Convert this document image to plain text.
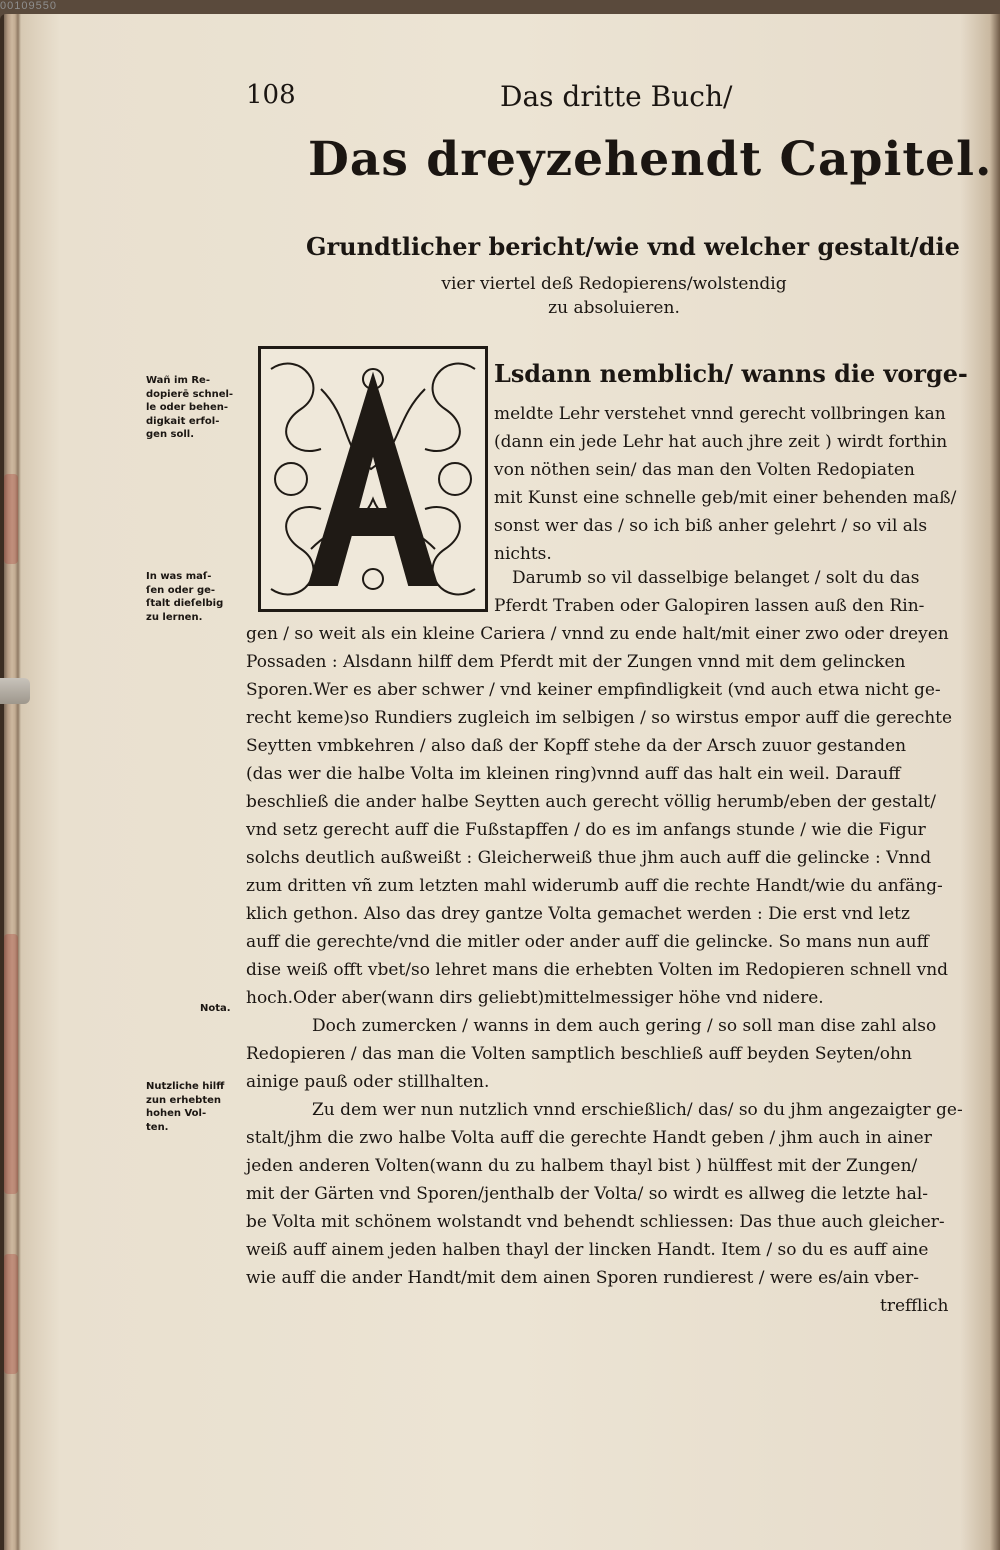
00109550
108	Das dritte Buch/
Das dreyzehendt Capitel.
Grundtlicher bericht/wie vnd welcher gestalt/die
vier viertel deß Redopierens/wolstendig
zu absoluieren.
Wañ im Re-
dopierē schnel-
le oder behen-
digkait erfol-
gen soll.
In was maſ-
ſen oder ge-
ſtalt dieſelbig
zu lernen.
Nota.
Nutzliche hilff
zun erhebten
hohen Vol-
ten.
A
Lsdann nemblich/ wanns die vorge-
meldte Lehr verstehet vnnd gerecht vollbringen kan
(dann ein jede Lehr hat auch jhre zeit ) wirdt forthin
von nöthen sein/ das man den Volten Redopiaten
mit Kunst eine schnelle geb/mit einer behenden maß/
sonst wer das / so ich biß anher gelehrt / so vil als
nichts.
Darumb so vil dasselbige belanget / solt du das
Pferdt Traben oder Galopiren lassen auß den Rin-
gen / so weit als ein kleine Cariera / vnnd zu ende halt/mit einer zwo oder dreyen
Possaden : Alsdann hilff dem Pferdt mit der Zungen vnnd mit dem gelincken
Sporen.Wer es aber schwer / vnd keiner empfindligkeit (vnd auch etwa nicht ge-
recht keme)so Rundiers zugleich im selbigen / so wirstus empor auff die gerechte
Seytten vmbkehren / also daß der Kopff stehe da der Arsch zuuor gestanden
(das wer die halbe Volta im kleinen ring)vnnd auff das halt ein weil. Darauff
beschließ die ander halbe Seytten auch gerecht völlig herumb/eben der gestalt/
vnd setz gerecht auff die Fußstapffen / do es im anfangs stunde / wie die Figur
solchs deutlich außweißt : Gleicherweiß thue jhm auch auff die gelincke : Vnnd
zum dritten vñ zum letzten mahl widerumb auff die rechte Handt/wie du anfäng-
klich gethon. Also das drey gantze Volta gemachet werden : Die erst vnd letz
auff die gerechte/vnd die mitler oder ander auff die gelincke. So mans nun auff
dise weiß offt vbet/so lehret mans die erhebten Volten im Redopieren schnell vnd
hoch.Oder aber(wann dirs geliebt)mittelmessiger höhe vnd nidere.
Doch zumercken / wanns in dem auch gering / so soll man dise zahl also
Redopieren / das man die Volten samptlich beschließ auff beyden Seyten/ohn
ainige pauß oder stillhalten.
Zu dem wer nun nutzlich vnnd erschießlich/ das/ so du jhm angezaigter ge-
stalt/jhm die zwo halbe Volta auff die gerechte Handt geben / jhm auch in ainer
jeden anderen Volten(wann du zu halbem thayl bist ) hülffest mit der Zungen/
mit der Gärten vnd Sporen/jenthalb der Volta/ so wirdt es allweg die letzte hal-
be Volta mit schönem wolstandt vnd behendt schliessen: Das thue auch gleicher-
weiß auff ainem jeden halben thayl der lincken Handt. Item / so du es auff aine
wie auff die ander Handt/mit dem ainen Sporen rundierest / were es/ain vber-
trefflich
